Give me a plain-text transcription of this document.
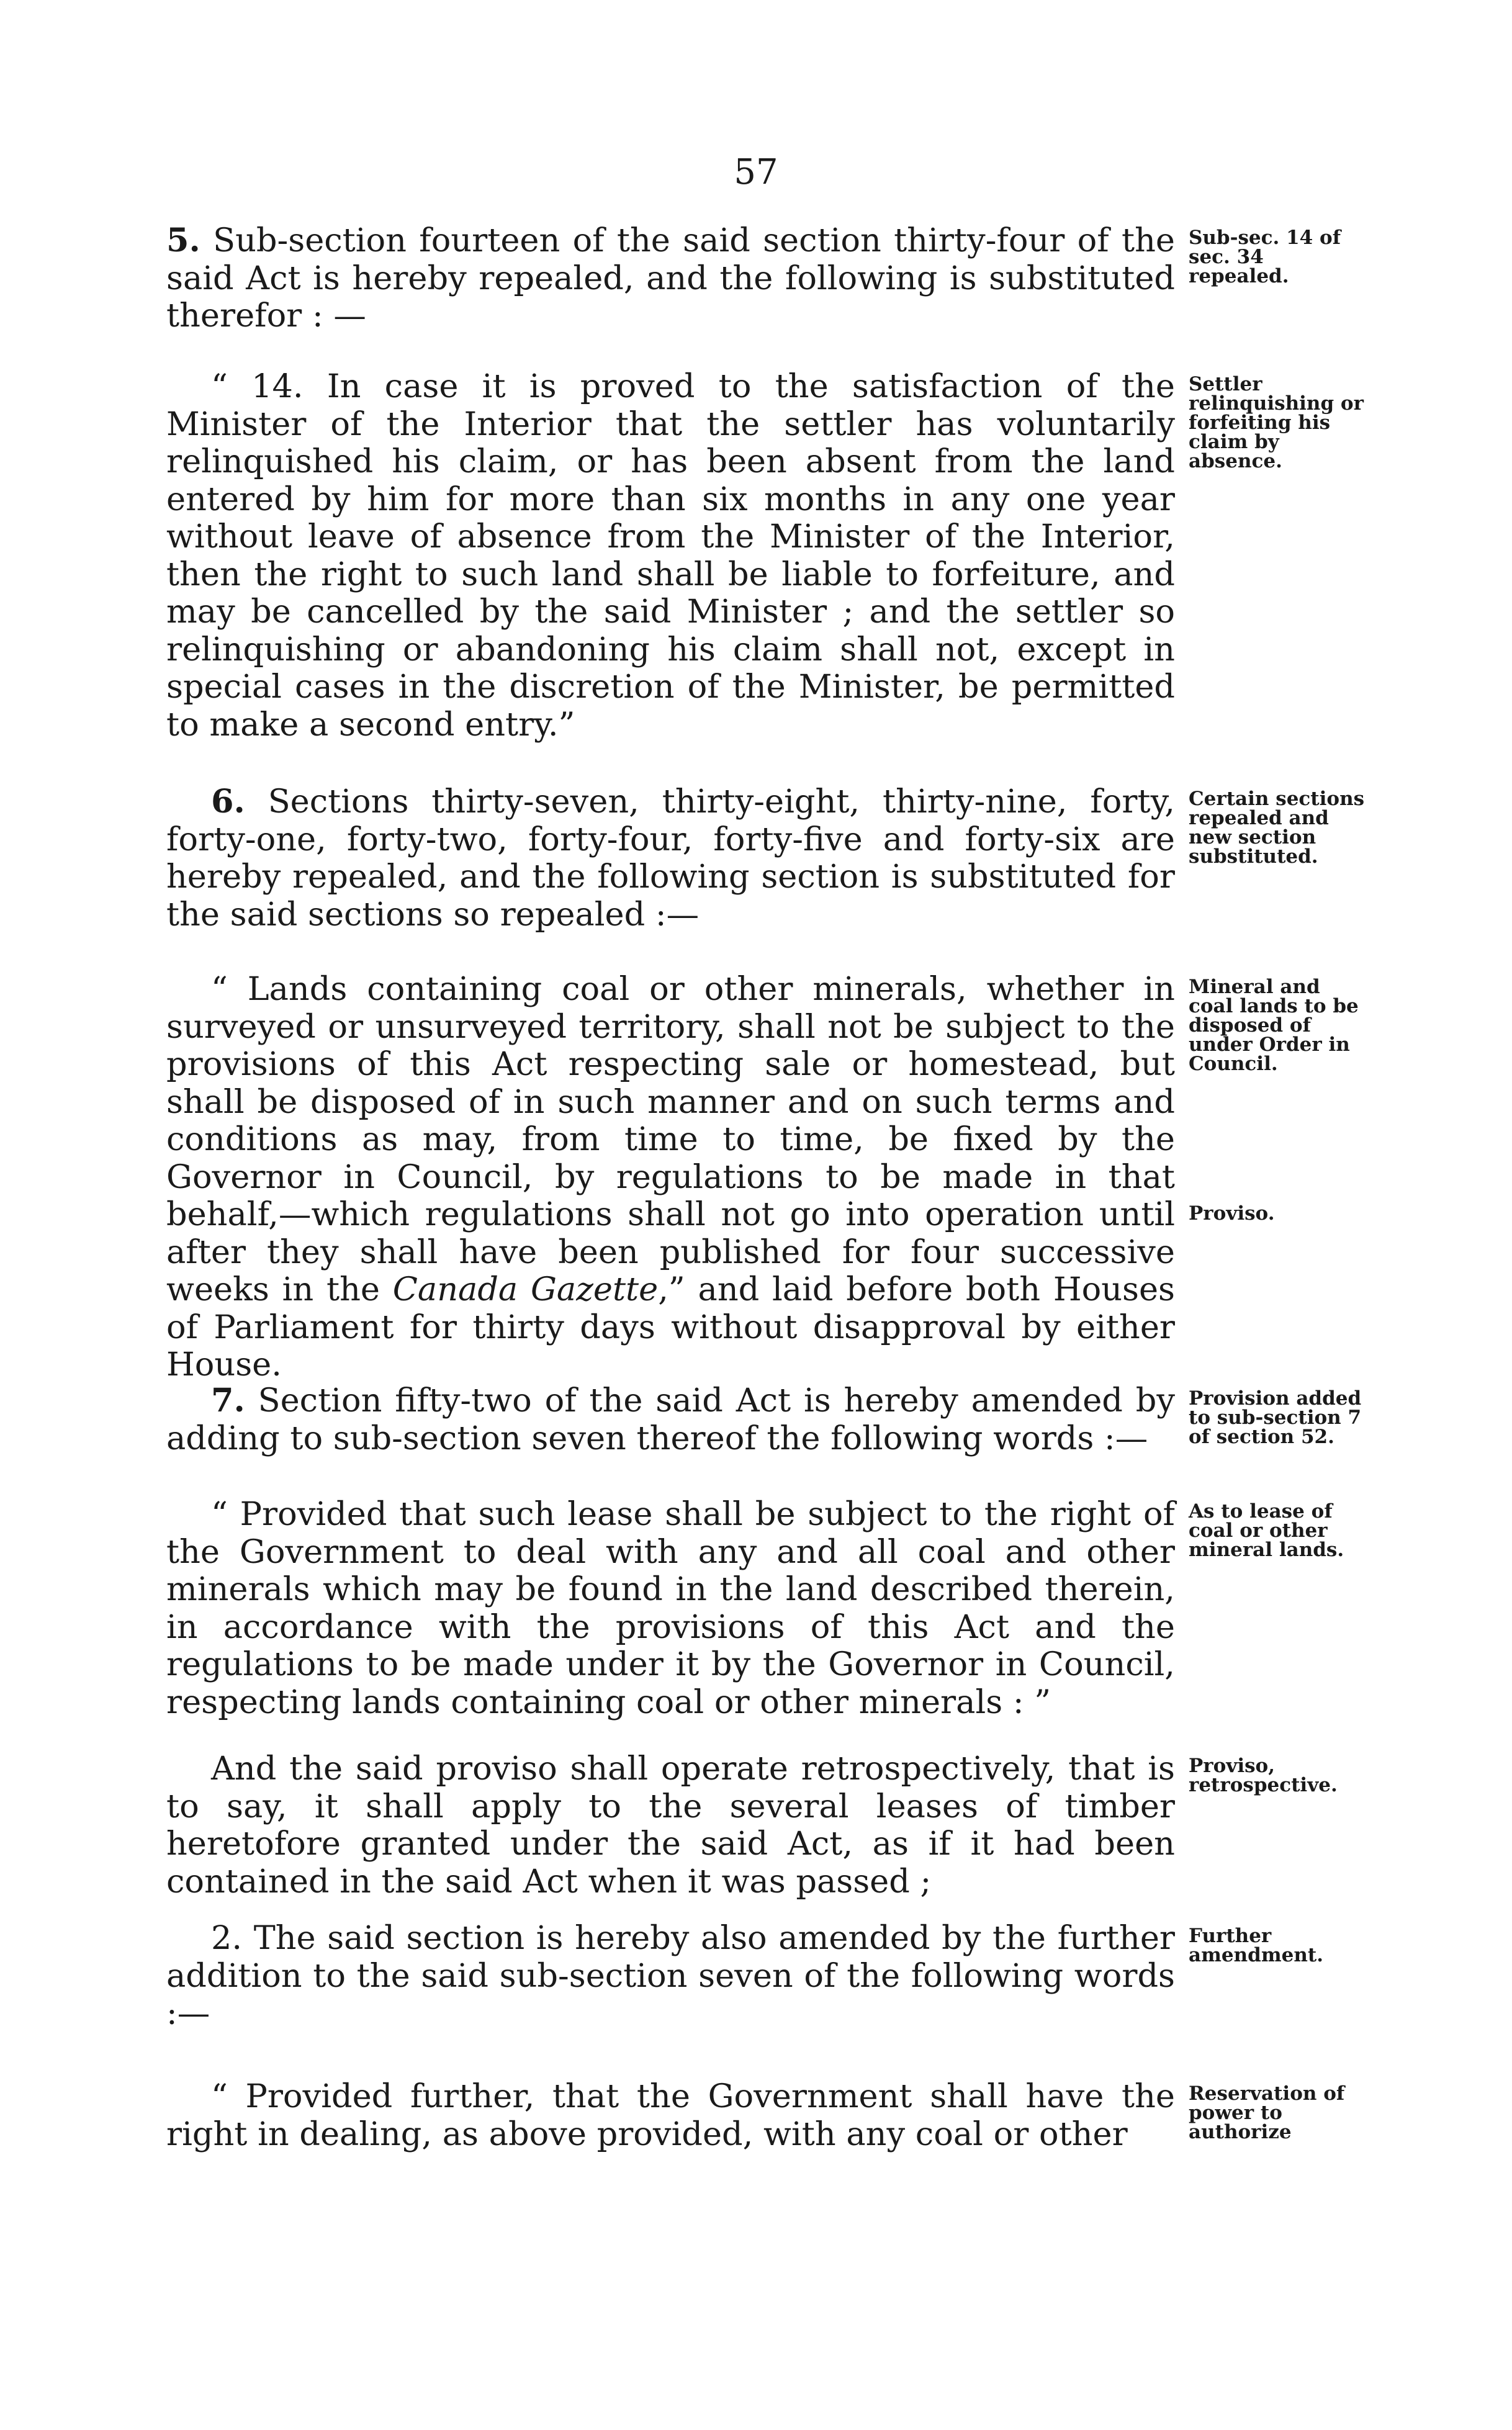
57

5. Sub-section fourteen of the said section thirty-four of the said Act is hereby repealed, and the following is substituted therefor : —

Sub-sec. 14 of sec. 34 repealed.

“ 14. In case it is proved to the satisfaction of the Minister of the Interior that the settler has voluntarily relinquished his claim, or has been absent from the land entered by him for more than six months in any one year without leave of absence from the Minister of the Interior, then the right to such land shall be liable to forfeiture, and may be cancelled by the said Minister ; and the settler so relinquishing or abandoning his claim shall not, except in special cases in the discretion of the Minister, be permitted to make a second entry.”

Settler relinquishing or forfeiting his claim by absence.

6. Sections thirty-seven, thirty-eight, thirty-nine, forty, forty-one, forty-two, forty-four, forty-five and forty-six are hereby repealed, and the following section is substituted for the said sections so repealed :—

Certain sections repealed and new section substituted.

“ Lands containing coal or other minerals, whether in surveyed or unsurveyed territory, shall not be subject to the provisions of this Act respecting sale or homestead, but shall be disposed of in such manner and on such terms and conditions as may, from time to time, be fixed by the Governor in Council, by regulations to be made in that behalf,—which regulations shall not go into operation until after they shall have been published for four successive weeks in the Canada Gazette,” and laid before both Houses of Parliament for thirty days without disapproval by either House.

Mineral and coal lands to be disposed of under Order in Council.
Proviso.

7. Section fifty-two of the said Act is hereby amended by adding to sub-section seven thereof the following words :—

Provision added to sub-section 7 of section 52.

“ Provided that such lease shall be subject to the right of the Government to deal with any and all coal and other minerals which may be found in the land described therein, in accordance with the provisions of this Act and the regulations to be made under it by the Governor in Council, respecting lands containing coal or other minerals : ”

As to lease of coal or other mineral lands.

And the said proviso shall operate retrospectively, that is to say, it shall apply to the several leases of timber heretofore granted under the said Act, as if it had been contained in the said Act when it was passed ;

Proviso, retrospective.

2. The said section is hereby also amended by the further addition to the said sub-section seven of the following words :—

Further amendment.

“ Provided further, that the Government shall have the right in dealing, as above provided, with any coal or other

Reservation of power to authorize
